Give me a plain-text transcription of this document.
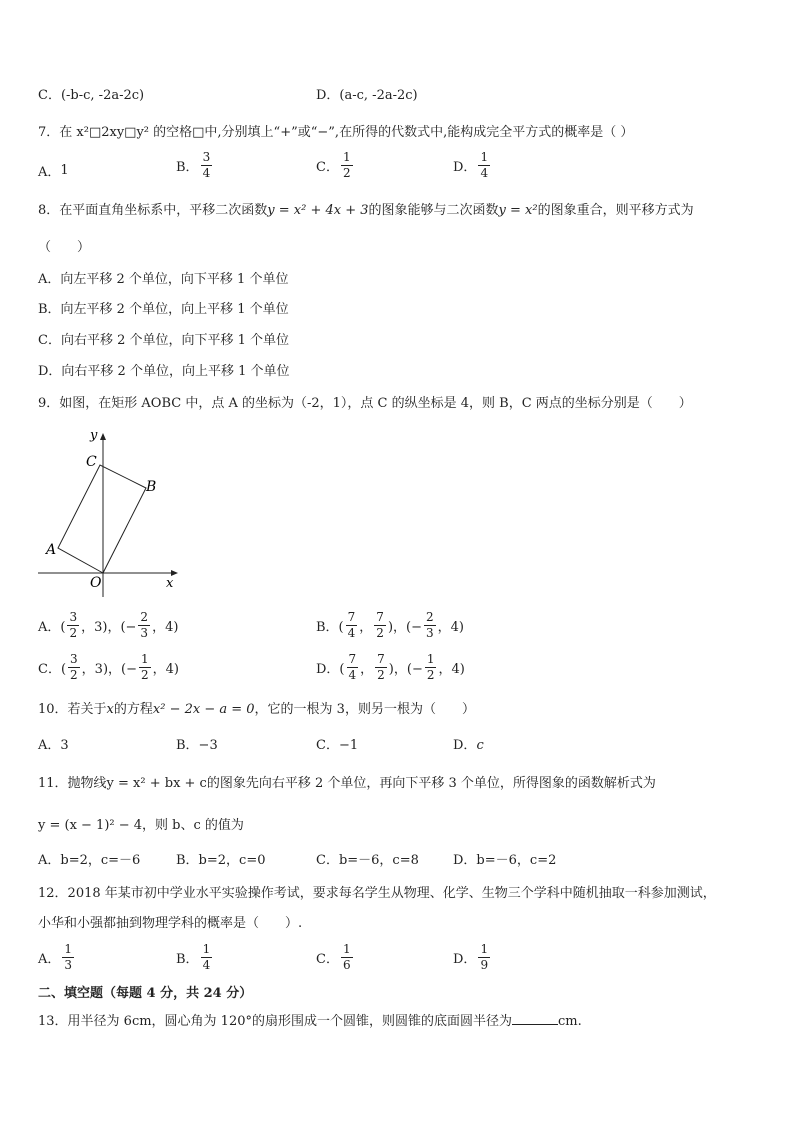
C．(-b-c, -2a-2c)	D．(a-c, -2a-2c)
7．在 x²□2xy□y² 的空格□中,分别填上“+”或“−”,在所得的代数式中,能构成完全平方式的概率是（ ）
A． 1	B． $\frac{3}{4}$	C． $\frac{1}{2}$	D． $\frac{1}{4}$
8．在平面直角坐标系中，平移二次函数y = x² + 4x + 3的图象能够与二次函数y = x²的图象重合，则平移方式为
（　　）
A．向左平移 2 个单位，向下平移 1 个单位
B．向左平移 2 个单位，向上平移 1 个单位
C．向右平移 2 个单位，向下平移 1 个单位
D．向右平移 2 个单位，向上平移 1 个单位
9．如图，在矩形 AOBC 中，点 A 的坐标为（-2，1），点 C 的纵坐标是 4，则 B，C 两点的坐标分别是（　　）
y
x
O
A
B
C
A．( $\frac{3}{2}$ ，3)，(− $\frac{2}{3}$ ，4)	B．( $\frac{7}{4}$ ， $\frac{7}{2}$ )，(− $\frac{2}{3}$ ，4)
C．( $\frac{3}{2}$ ，3)，(− $\frac{1}{2}$ ，4)	D．( $\frac{7}{4}$ ， $\frac{7}{2}$ )，(− $\frac{1}{2}$ ，4)
10．若关于x的方程x² − 2x − a = 0，它的一根为 3，则另一根为（　　）
A．3	B．−3	C．−1	D．c
11．抛物线y = x² + bx + c的图象先向右平移 2 个单位，再向下平移 3 个单位，所得图象的函数解析式为
y = (x − 1)² − 4，则 b、c 的值为
A．b=2，c=－6	B．b=2，c=0	C．b=－6，c=8	D．b=－6，c=2
12．2018 年某市初中学业水平实验操作考试，要求每名学生从物理、化学、生物三个学科中随机抽取一科参加测试，
小华和小强都抽到物理学科的概率是（　　）.
A． $\frac{1}{3}$	B． $\frac{1}{4}$	C． $\frac{1}{6}$	D． $\frac{1}{9}$
二、填空题（每题 4 分，共 24 分）
13．用半径为 6cm，圆心角为 120°的扇形围成一个圆锥，则圆锥的底面圆半径为	cm.
